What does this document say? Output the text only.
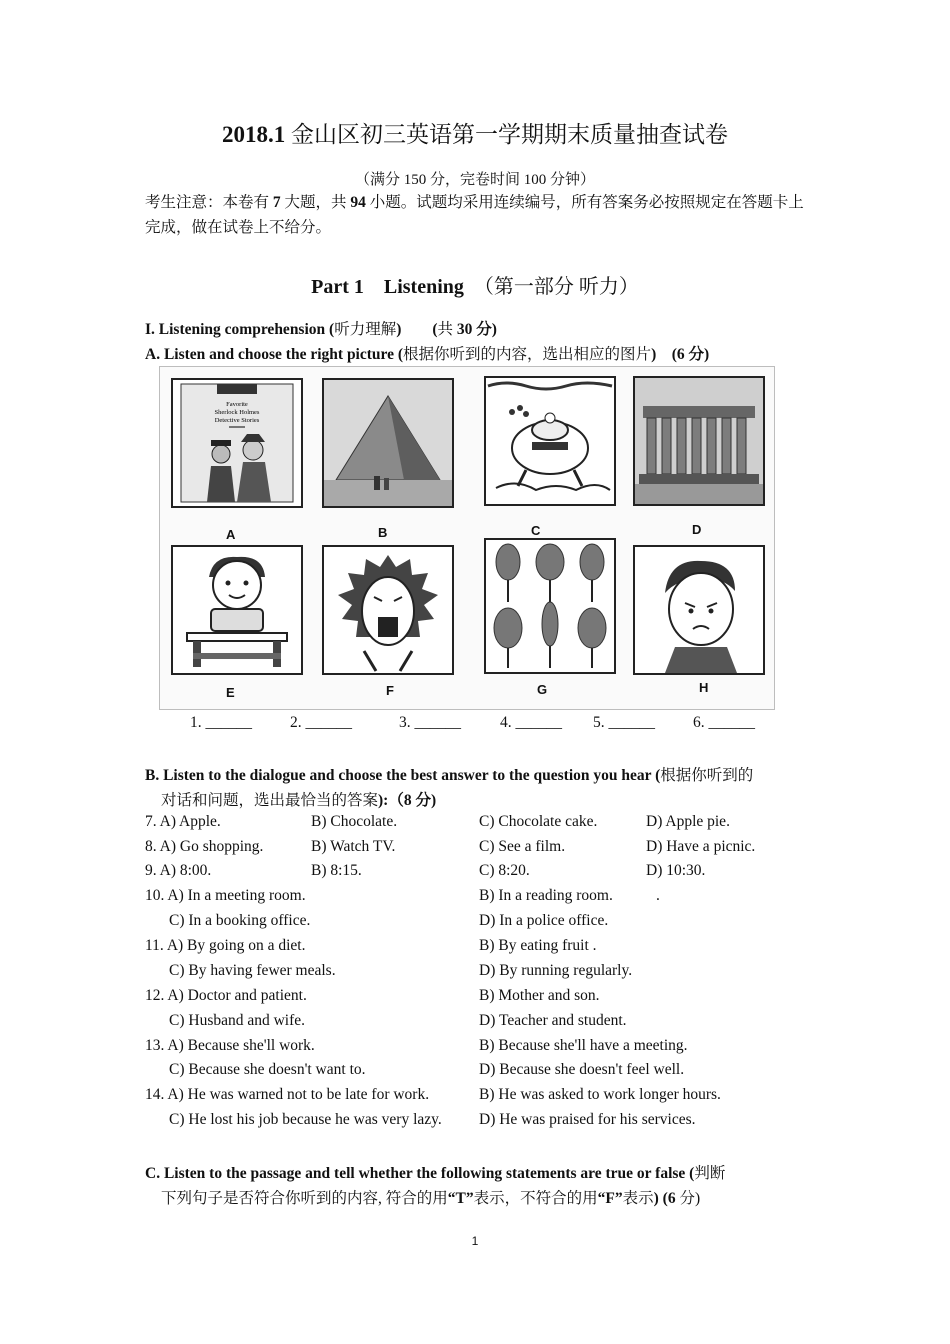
2018.1 金山区初三英语第一学期期末质量抽查试卷
（满分 150 分，完卷时间 100 分钟）
考生注意：本卷有 7 大题，共 94 小题。试题均采用连续编号，所有答案务必按照规定在答题卡上完成，做在试卷上不给分。
Part 1　Listening　 （第一部分 听力）
I. Listening comprehension (听力理解)　　(共 30 分)
A. Listen and choose the right picture (根据你听到的内容，选出相应的图片)　(6 分)
Favorite
Sherlock Holmes
Detective Stories
A	B	C	D
E	F	G	H
1. ______ 2. ______	3. ______	4. ______ 5. ______ 6. ______
B. Listen to the dialogue and choose the best answer to the question you hear (根据你听到的
对话和问题，选出最恰当的答案):（8 分)
7. A) Apple.	B) Chocolate.	C) Chocolate cake.	D) Apple pie.
8. A) Go shopping.	B) Watch TV.	C) See a film.	D) Have a picnic.
9. A) 8:00.	B) 8:15.	C) 8:20.	D) 10:30.
10. A) In a meeting room.	B) In a reading room.	.
C) In a booking office.	D) In a police office.
11. A) By going on a diet.	B) By eating fruit .
C) By having fewer meals.	D) By running regularly.
12. A) Doctor and patient.	B) Mother and son.
C) Husband and wife.	D) Teacher and student.
13. A) Because she'll work.	B) Because she'll have a meeting.
C) Because she doesn't want to.	D) Because she doesn't feel well.
14. A) He was warned not to be late for work.	B) He was asked to work longer hours.
C) He lost his job because he was very lazy. D) He was praised for his services.
C. Listen to the passage and tell whether the following statements are true or false (判断
下列句子是否符合你听到的内容, 符合的用“T”表示，不符合的用“F”表示) (6 分)
1
